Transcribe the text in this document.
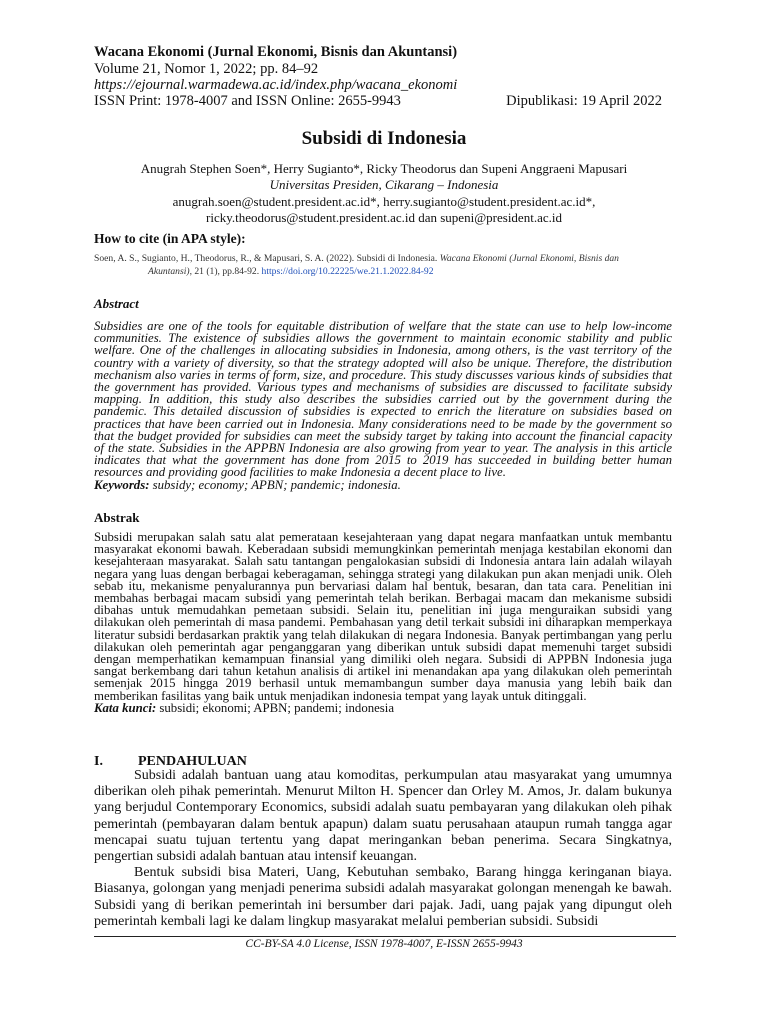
Wacana Ekonomi (Jurnal Ekonomi, Bisnis dan Akuntansi)
Volume 21, Nomor 1, 2022; pp. 84–92
https://ejournal.warmadewa.ac.id/index.php/wacana_ekonomi
ISSN Print: 1978-4007 and ISSN Online: 2655-9943	Dipublikasi: 19 April 2022
Subsidi di Indonesia
Anugrah Stephen Soen*, Herry Sugianto*, Ricky Theodorus dan Supeni Anggraeni Mapusari
Universitas Presiden, Cikarang – Indonesia
anugrah.soen@student.president.ac.id*, herry.sugianto@student.president.ac.id*,
ricky.theodorus@student.president.ac.id dan supeni@president.ac.id
How to cite (in APA style):
Soen, A. S., Sugianto, H., Theodorus, R., & Mapusari, S. A. (2022). Subsidi di Indonesia. Wacana Ekonomi (Jurnal Ekonomi, Bisnis dan
Akuntansi), 21 (1), pp.84-92. https://doi.org/10.22225/we.21.1.2022.84-92
Abstract

Subsidies are one of the tools for equitable distribution of welfare that the state can use to help low-income communities. The existence of subsidies allows the government to maintain economic stability and public welfare. One of the challenges in allocating subsidies in Indonesia, among others, is the vast territory of the country with a variety of diversity, so that the strategy adopted will also be unique. Therefore, the distribution mechanism also varies in terms of form, size, and procedure. This study discusses various kinds of subsidies that the government has provided. Various types and mechanisms of subsidies are discussed to facilitate subsidy mapping. In addition, this study also describes the subsidies carried out by the government during the pandemic. This detailed discussion of subsidies is expected to enrich the literature on subsidies based on practices that have been carried out in Indonesia. Many considerations need to be made by the government so that the budget provided for subsidies can meet the subsidy target by taking into account the financial capacity of the state. Subsidies in the APPBN Indonesia are also growing from year to year. The analysis in this article indicates that what the government has done from 2015 to 2019 has succeeded in building better human resources and providing good facilities to make Indonesia a decent place to live.

Keywords: subsidy; economy; APBN; pandemic; indonesia.

Abstrak

Subsidi merupakan salah satu alat pemerataan kesejahteraan yang dapat negara manfaatkan untuk membantu masyarakat ekonomi bawah. Keberadaan subsidi memungkinkan pemerintah menjaga kestabilan ekonomi dan kesejahteraan masyarakat. Salah satu tantangan pengalokasian subsidi di Indonesia antara lain adalah wilayah negara yang luas dengan berbagai keberagaman, sehingga strategi yang dilakukan pun akan menjadi unik. Oleh sebab itu, mekanisme penyalurannya pun bervariasi dalam hal bentuk, besaran, dan tata cara. Penelitian ini membahas berbagai macam subsidi yang pemerintah telah berikan. Berbagai macam dan mekanisme subsidi dibahas untuk memudahkan pemetaan subsidi. Selain itu, penelitian ini juga menguraikan subsidi yang dilakukan oleh pemerintah di masa pandemi. Pembahasan yang detil terkait subsidi ini diharapkan memperkaya literatur subsidi berdasarkan praktik yang telah dilakukan di negara Indonesia. Banyak pertimbangan yang perlu dilakukan oleh pemerintah agar penganggaran yang diberikan untuk subsidi dapat memenuhi target subsidi dengan memperhatikan kemampuan finansial yang dimiliki oleh negara. Subsidi di APPBN Indonesia juga sangat berkembang dari tahun ketahun analisis di artikel ini menandakan apa yang dilakukan oleh pemerintah semenjak 2015 hingga 2019 berhasil untuk memambangun sumber daya manusia yang lebih baik dan memberikan fasilitas yang baik untuk menjadikan indonesia tempat yang layak untuk ditinggali.

Kata kunci: subsidi; ekonomi; APBN; pandemi; indonesia

I.	PENDAHULUAN

Subsidi adalah bantuan uang atau komoditas, perkumpulan atau masyarakat yang umumnya diberikan oleh pihak pemerintah. Menurut Milton H. Spencer dan Orley M. Amos, Jr. dalam bukunya yang berjudul Contemporary Economics, subsidi adalah suatu pembayaran yang dilakukan oleh pihak pemerintah (pembayaran dalam bentuk apapun) dalam suatu perusahaan ataupun rumah tangga agar mencapai suatu tujuan tertentu yang dapat meringankan beban penerima. Secara Singkatnya, pengertian subsidi adalah bantuan atau intensif keuangan.

Bentuk subsidi bisa Materi, Uang, Kebutuhan sembako, Barang hingga keringanan biaya. Biasanya, golongan yang menjadi penerima subsidi adalah masyarakat golongan menengah ke bawah. Subsidi yang di berikan pemerintah ini bersumber dari pajak. Jadi, uang pajak yang dipungut oleh pemerintah kembali lagi ke dalam lingkup masyarakat melalui pemberian subsidi. Subsidi

CC-BY-SA 4.0 License, ISSN 1978-4007, E-ISSN 2655-9943
